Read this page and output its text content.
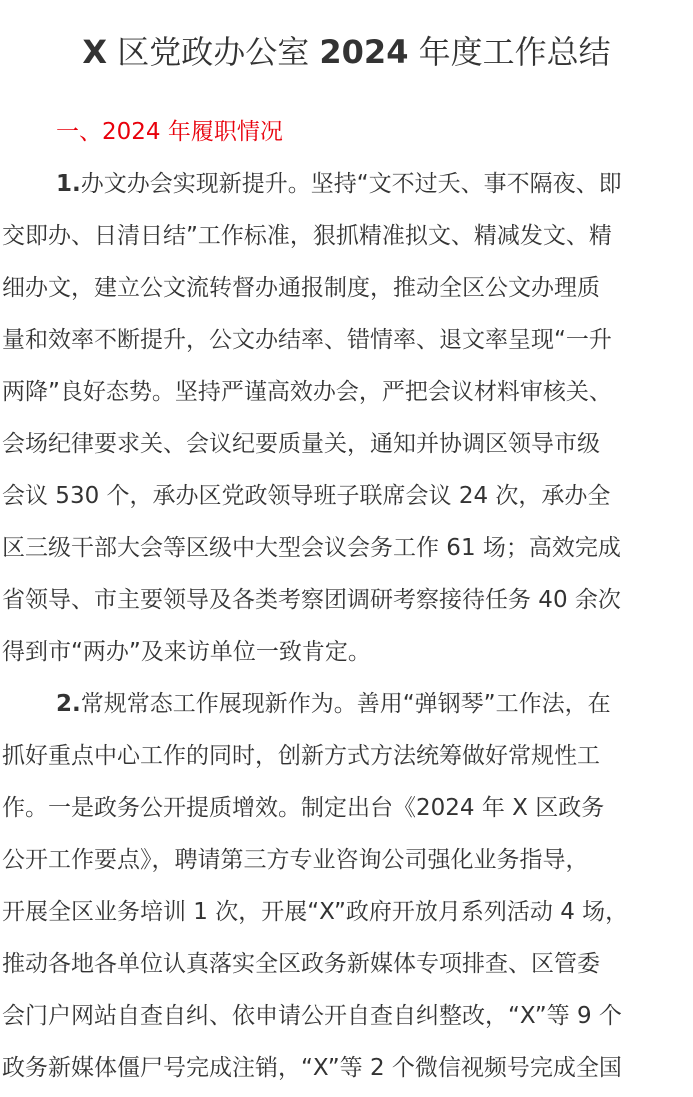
X 区党政办公室 2024 年度工作总结
一、2024 年履职情况
1.办文办会实现新提升。坚持“文不过夭、事不隔夜、即
交即办、日清日结”工作标准，狠抓精准拟文、精减发文、精
细办文，建立公文流转督办通报制度，推动全区公文办理质
量和效率不断提升，公文办结率、错情率、退文率呈现“一升
两降”良好态势。坚持严谨高效办会，严把会议材料审核关、
会场纪律要求关、会议纪要质量关，通知并协调区领导市级
会议 530 个，承办区党政领导班子联席会议 24 次，承办全
区三级干部大会等区级中大型会议会务工作 61 场；高效完成
省领导、市主要领导及各类考察团调研考察接待任务 40 余次
得到市“两办”及来访单位一致肯定。
2.常规常态工作展现新作为。善用“弹钢琴”工作法，在
抓好重点中心工作的同时，创新方式方法统筹做好常规性工
作。一是政务公开提质增效。制定出台《2024 年 X 区政务
公开工作要点》，聘请第三方专业咨询公司强化业务指导，
开展全区业务培训 1 次，开展“X”政府开放月系列活动 4 场，
推动各地各单位认真落实全区政务新媒体专项排查、区管委
会门户网站自查自纠、依申请公开自查自纠整改，“X”等 9 个
政务新媒体僵尸号完成注销，“X”等 2 个微信视频号完成全国
